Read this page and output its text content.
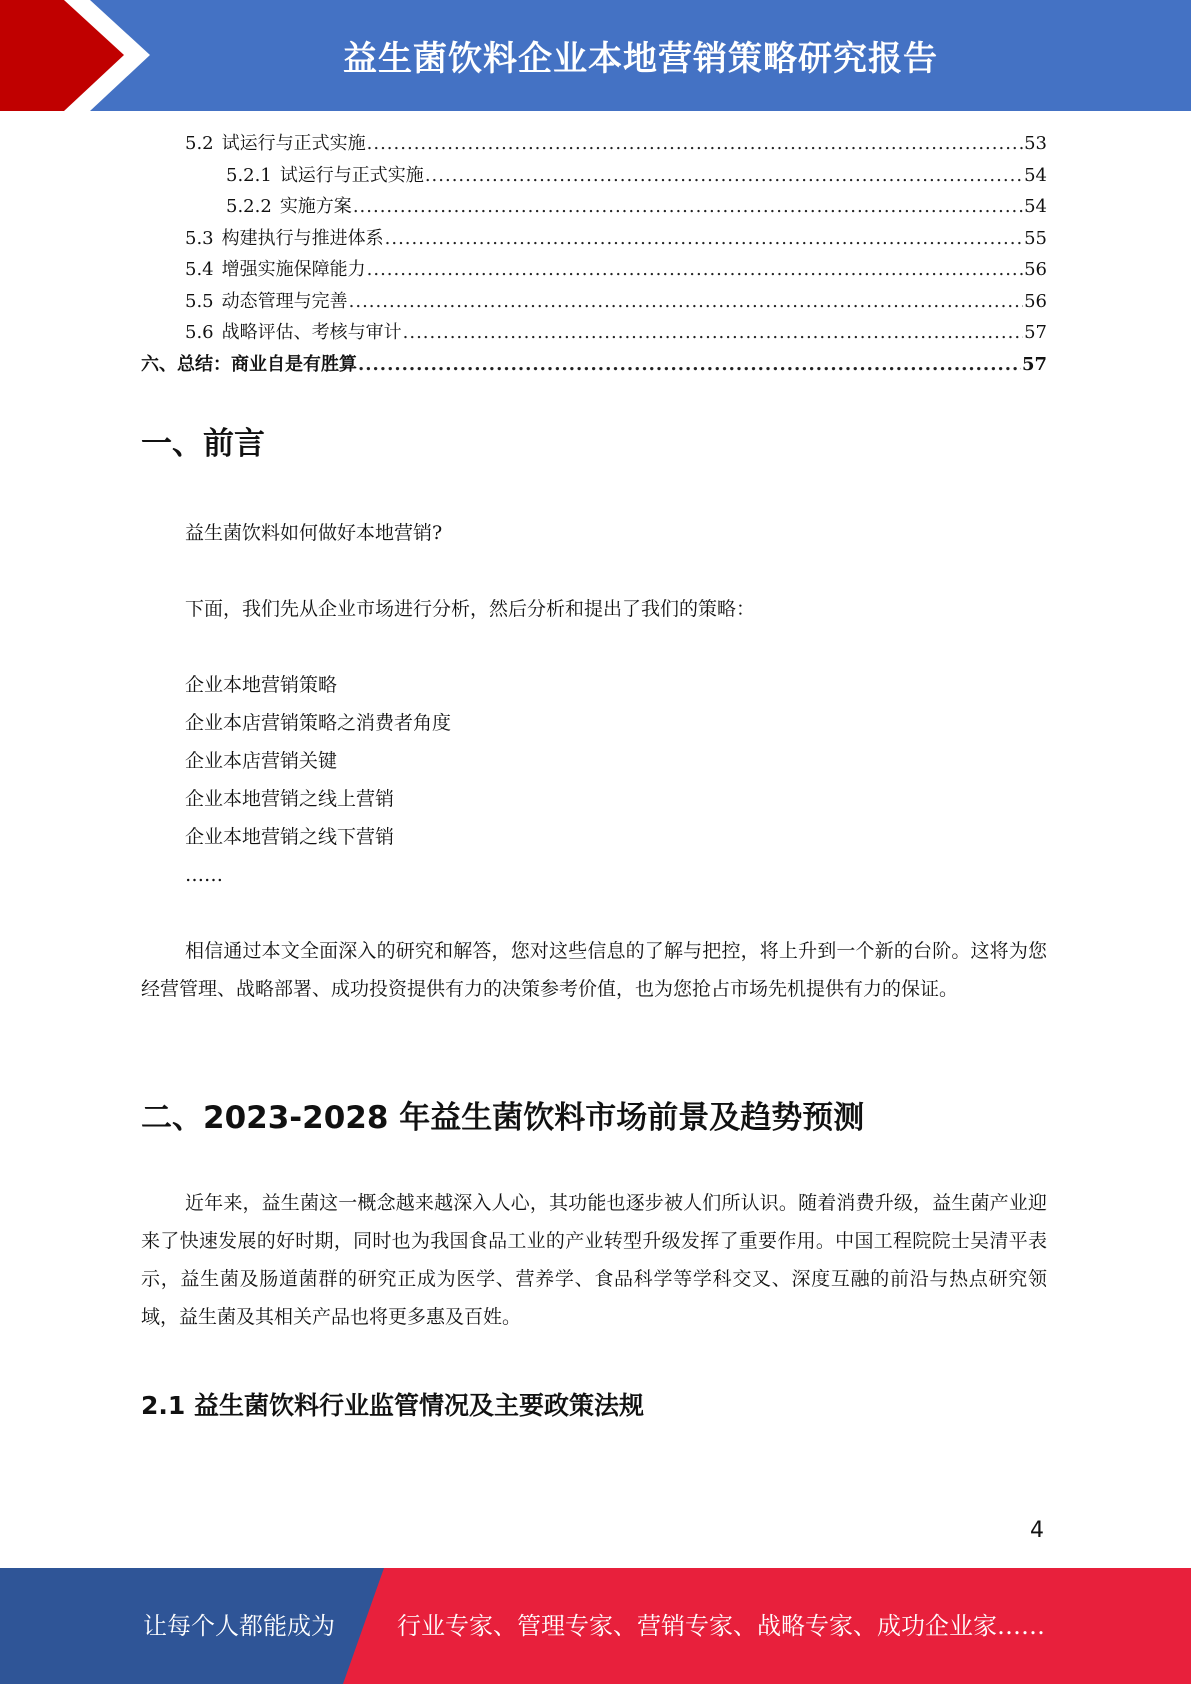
益生菌饮料企业本地营销策略研究报告
5.2 试运行与正式实施 .....	53
5.2.1 试运行与正式实施 .....	54
5.2.2 实施方案 .....	54
5.3 构建执行与推进体系 .....	55
5.4 增强实施保障能力 .....	56
5.5 动态管理与完善 .....	56
5.6 战略评估、考核与审计 .....	57
六、 总结：商业自是有胜算 .....	57
一、前言

益生菌饮料如何做好本地营销?

下面，我们先从企业市场进行分析，然后分析和提出了我们的策略：

企业本地营销策略
企业本店营销策略之消费者角度
企业本店营销关键
企业本地营销之线上营销
企业本地营销之线下营销
……

相信通过本文全面深入的研究和解答，您对这些信息的了解与把控，将上升到一个新的台阶。这将为您经营管理、战略部署、成功投资提供有力的决策参考价值，也为您抢占市场先机提供有力的保证。

二、2023-2028 年益生菌饮料市场前景及趋势预测

近年来，益生菌这一概念越来越深入人心，其功能也逐步被人们所认识。随着消费升级，益生菌产业迎来了快速发展的好时期，同时也为我国食品工业的产业转型升级发挥了重要作用。中国工程院院士吴清平表示，益生菌及肠道菌群的研究正成为医学、营养学、食品科学等学科交叉、深度互融的前沿与热点研究领域，益生菌及其相关产品也将更多惠及百姓。

2.1 益生菌饮料行业监管情况及主要政策法规
4
让每个人都能成为	行业专家、管理专家、营销专家、战略专家、成功企业家……
